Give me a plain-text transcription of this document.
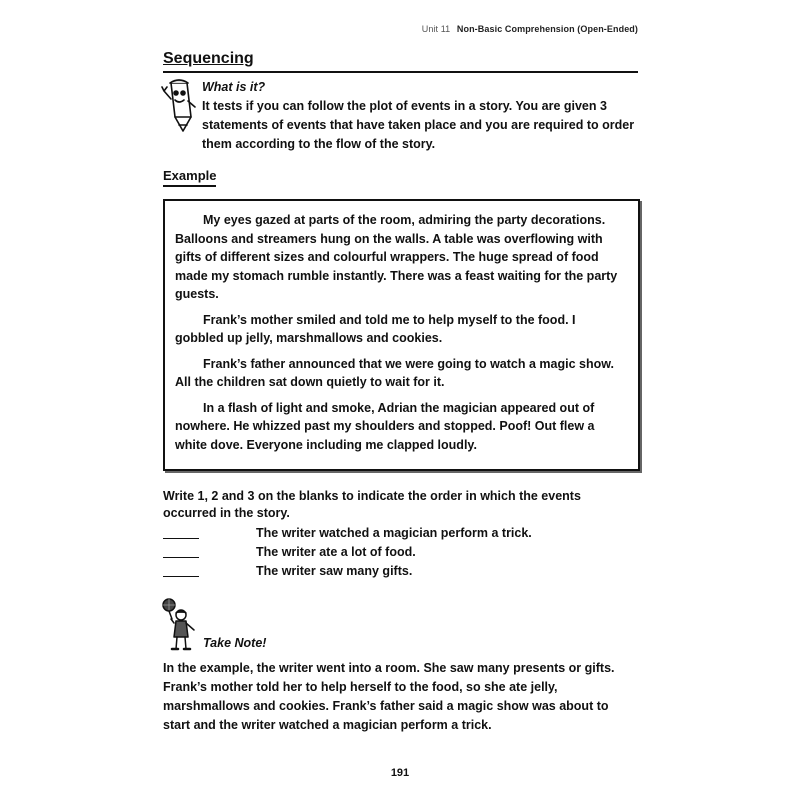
Unit 11 Non-Basic Comprehension (Open-Ended)
Sequencing
What is it?
It tests if you can follow the plot of events in a story. You are given 3 statements of events that have taken place and you are required to order them according to the flow of the story.
Example

My eyes gazed at parts of the room, admiring the party decorations. Balloons and streamers hung on the walls. A table was overflowing with gifts of different sizes and colourful wrappers. The huge spread of food made my stomach rumble instantly. There was a feast waiting for the party guests.

Frank’s mother smiled and told me to help myself to the food. I gobbled up jelly, marshmallows and cookies.

Frank’s father announced that we were going to watch a magic show. All the children sat down quietly to wait for it.

In a flash of light and smoke, Adrian the magician appeared out of nowhere. He whizzed past my shoulders and stopped. Poof! Out flew a white dove. Everyone including me clapped loudly.

Write 1, 2 and 3 on the blanks to indicate the order in which the events occurred in the story.
The writer watched a magician perform a trick.
The writer ate a lot of food.
The writer saw many gifts.
Take Note!
In the example, the writer went into a room. She saw many presents or gifts. Frank’s mother told her to help herself to the food, so she ate jelly, marshmallows and cookies. Frank’s father said a magic show was about to start and the writer watched a magician perform a trick.
191
